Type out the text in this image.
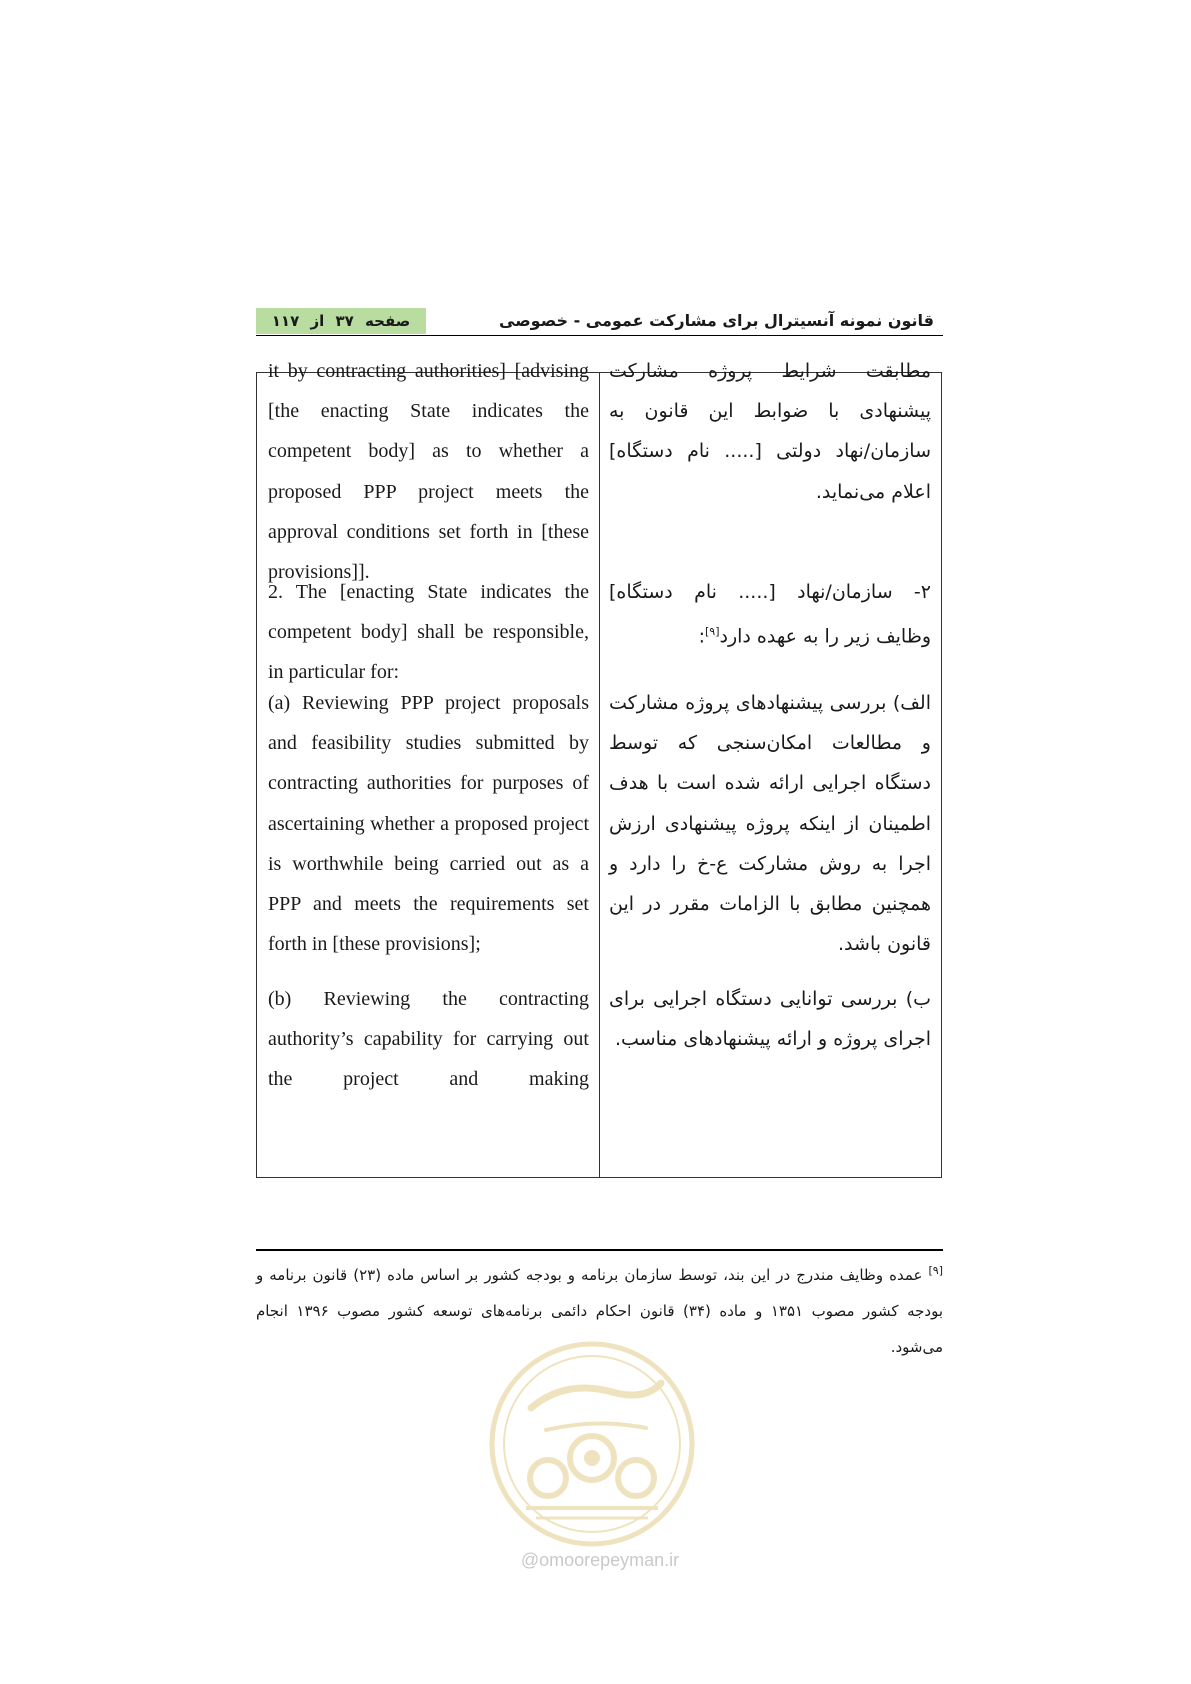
قانون نمونه آنسیترال برای مشارکت عمومی - خصوصی
صفحه ۳۷ از ۱۱۷
it by contracting authorities] [advising [the enacting State indicates the competent body] as to whether a proposed PPP project meets the approval conditions set forth in [these provisions]].
مطابقت شرایط پروژه مشارکت پیشنهادی با ضوابط این قانون به سازمان/نهاد دولتی [..... نام دستگاه] اعلام می‌نماید.
2. The [enacting State indicates the competent body] shall be responsible, in particular for:
۲- سازمان/نهاد [..... نام دستگاه] وظایف زیر را به عهده دارد[۹]:
(a) Reviewing PPP project proposals and feasibility studies submitted by contracting authorities for purposes of ascertaining whether a proposed project is worthwhile being carried out as a PPP and meets the requirements set forth in [these provisions];
الف) بررسی پیشنهادهای پروژه مشارکت و مطالعات امکان‌سنجی که توسط دستگاه اجرایی ارائه شده است با هدف اطمینان از اینکه پروژه پیشنهادی ارزش اجرا به روش مشارکت ع-خ را دارد و همچنین مطابق با الزامات مقرر در این قانون باشد.
(b) Reviewing the contracting authority’s capability for carrying out the project and making
ب) بررسی توانایی دستگاه اجرایی برای اجرای پروژه و ارائه پیشنهادهای مناسب.
[۹] عمده وظایف مندرج در این بند، توسط سازمان برنامه و بودجه کشور بر اساس ماده (۲۳) قانون برنامه و بودجه کشور مصوب ۱۳۵۱ و ماده (۳۴) قانون احکام دائمی برنامه‌های توسعه کشور مصوب ۱۳۹۶ انجام می‌شود.
@omoorepeyman.ir
